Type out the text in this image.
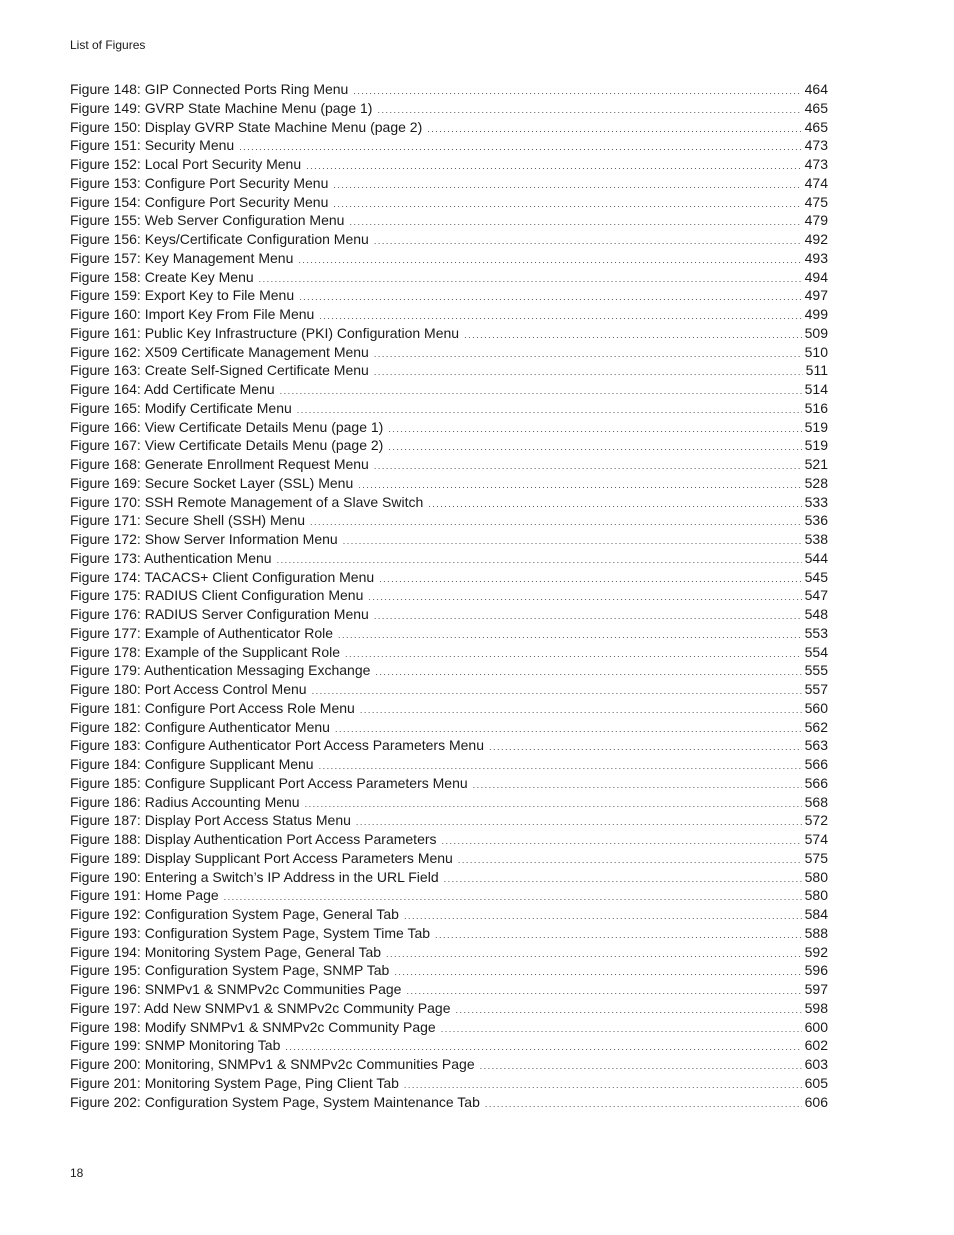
List of Figures
Figure 148: GIP Connected Ports Ring Menu .....	464
Figure 149: GVRP State Machine Menu (page 1) .....	465
Figure 150: Display GVRP State Machine Menu (page 2) .....	465
Figure 151: Security Menu .....	473
Figure 152: Local Port Security Menu .....	473
Figure 153: Configure Port Security Menu .....	474
Figure 154: Configure Port Security Menu .....	475
Figure 155: Web Server Configuration Menu .....	479
Figure 156: Keys/Certificate Configuration Menu .....	492
Figure 157: Key Management Menu .....	493
Figure 158: Create Key Menu .....	494
Figure 159: Export Key to File Menu .....	497
Figure 160: Import Key From File Menu .....	499
Figure 161: Public Key Infrastructure (PKI) Configuration Menu .....	509
Figure 162: X509 Certificate Management Menu .....	510
Figure 163: Create Self-Signed Certificate Menu .....	511
Figure 164: Add Certificate Menu .....	514
Figure 165: Modify Certificate Menu .....	516
Figure 166: View Certificate Details Menu (page 1) .....	519
Figure 167: View Certificate Details Menu (page 2) .....	519
Figure 168: Generate Enrollment Request Menu .....	521
Figure 169: Secure Socket Layer (SSL) Menu .....	528
Figure 170: SSH Remote Management of a Slave Switch .....	533
Figure 171: Secure Shell (SSH) Menu .....	536
Figure 172: Show Server Information Menu .....	538
Figure 173: Authentication Menu .....	544
Figure 174: TACACS+ Client Configuration Menu .....	545
Figure 175: RADIUS Client Configuration Menu .....	547
Figure 176: RADIUS Server Configuration Menu .....	548
Figure 177: Example of Authenticator Role .....	553
Figure 178: Example of the Supplicant Role .....	554
Figure 179: Authentication Messaging Exchange .....	555
Figure 180: Port Access Control Menu .....	557
Figure 181: Configure Port Access Role Menu .....	560
Figure 182: Configure Authenticator Menu .....	562
Figure 183: Configure Authenticator Port Access Parameters Menu .....	563
Figure 184: Configure Supplicant Menu .....	566
Figure 185: Configure Supplicant Port Access Parameters Menu .....	566
Figure 186: Radius Accounting Menu .....	568
Figure 187: Display Port Access Status Menu .....	572
Figure 188: Display Authentication Port Access Parameters .....	574
Figure 189: Display Supplicant Port Access Parameters Menu .....	575
Figure 190: Entering a Switch’s IP Address in the URL Field .....	580
Figure 191: Home Page .....	580
Figure 192: Configuration System Page, General Tab .....	584
Figure 193: Configuration System Page, System Time Tab .....	588
Figure 194: Monitoring System Page, General Tab .....	592
Figure 195: Configuration System Page, SNMP Tab .....	596
Figure 196: SNMPv1 & SNMPv2c Communities Page .....	597
Figure 197: Add New SNMPv1 & SNMPv2c Community Page .....	598
Figure 198: Modify SNMPv1 & SNMPv2c Community Page .....	600
Figure 199: SNMP Monitoring Tab .....	602
Figure 200: Monitoring, SNMPv1 & SNMPv2c Communities Page .....	603
Figure 201: Monitoring System Page, Ping Client Tab .....	605
Figure 202: Configuration System Page, System Maintenance Tab .....	606
18
